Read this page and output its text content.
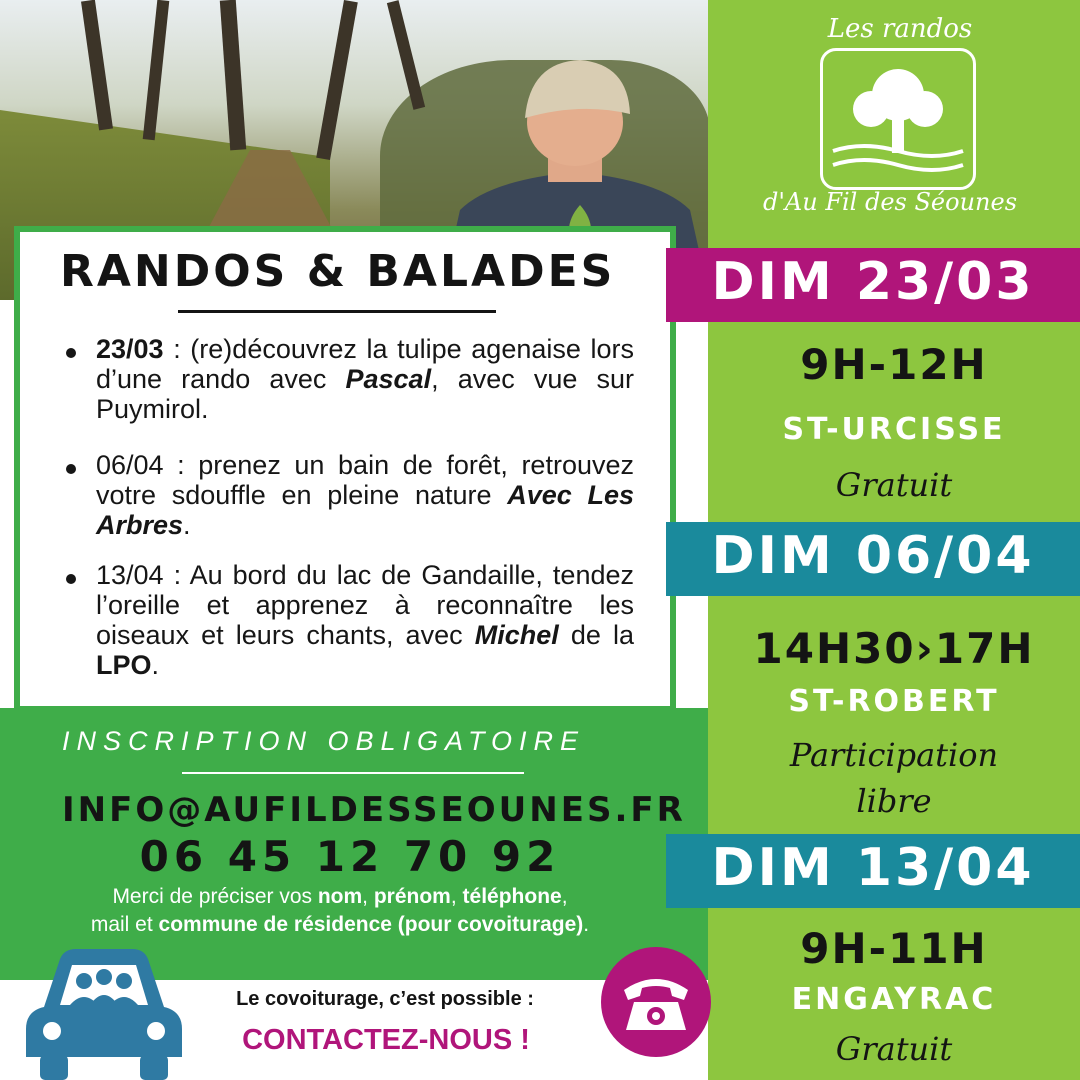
Les randos
d'Au Fil des Séounes
RANDOS & BALADES
23/03 : (re)découvrez la tulipe agenaise lors d’une rando avec Pascal, avec vue sur Puymirol.
06/04 : prenez un bain de forêt, retrouvez votre sdouffle en pleine nature Avec Les Arbres.
13/04 : Au bord du lac de Gandaille, tendez l’oreille et apprenez à reconnaître les oiseaux et leurs chants, avec Michel de la LPO.
INSCRIPTION OBLIGATOIRE
INFO@AUFILDESSEOUNES.FR
06 45 12 70 92
Merci de préciser vos nom, prénom, téléphone,
mail et commune de résidence (pour covoiturage).
Le covoiturage, c’est possible :
CONTACTEZ-NOUS !
DIM 23/03
9H-12H
ST-URCISSE
Gratuit
DIM 06/04
14H30›17H
ST-ROBERT
Participation libre
DIM 13/04
9H-11H
ENGAYRAC
Gratuit
